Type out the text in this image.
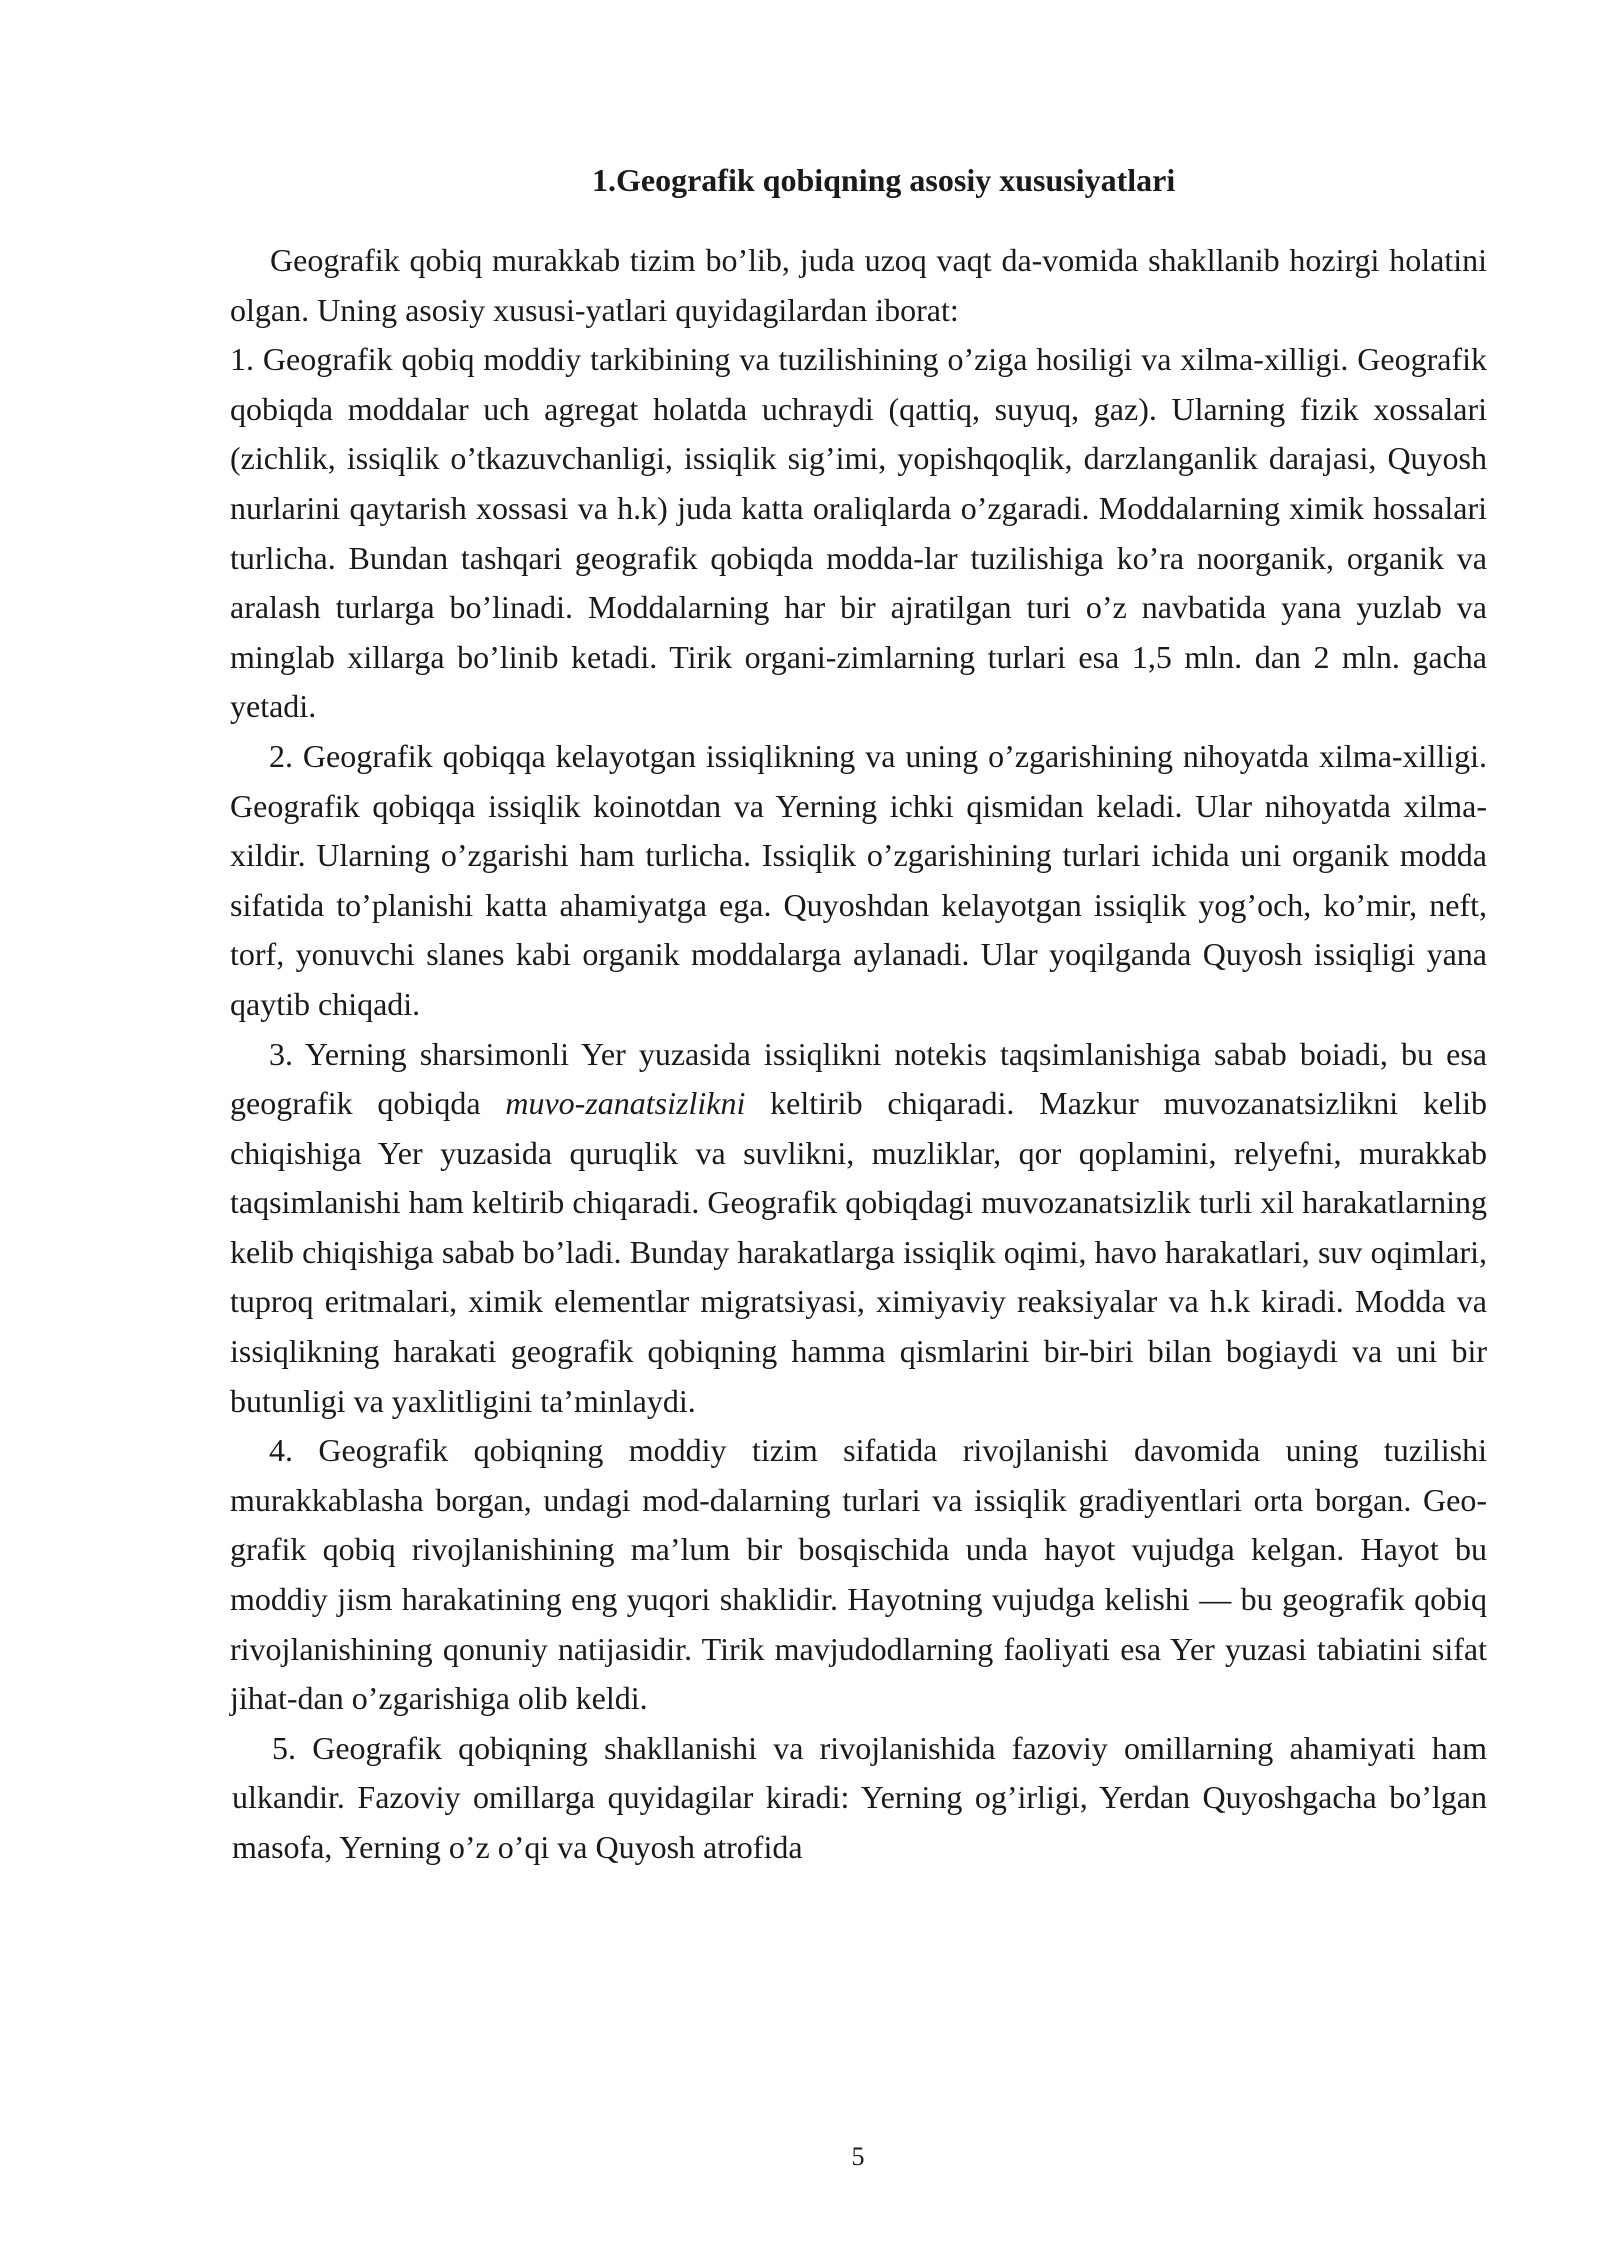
1.Geografik qobiqning asosiy xususiyatlari

Geografik qobiq murakkab tizim bo’lib, juda uzoq vaqt da-vomida shakllanib hozirgi holatini olgan. Uning asosiy xususi-yatlari quyidagilardan iborat:

1. Geografik qobiq moddiy tarkibining va tuzilishining o’ziga hosiligi va xilma-xilligi. Geografik qobiqda moddalar uch agregat holatda uchraydi (qattiq, suyuq, gaz). Ularning fizik xossalari (zichlik, issiqlik o’tkazuvchanligi, issiqlik sig’imi, yopishqoqlik, darzlanganlik darajasi, Quyosh nurlarini qaytarish xossasi va h.k) juda katta oraliqlarda o’zgaradi. Moddalarning ximik hossalari turlicha. Bundan tashqari geografik qobiqda modda-lar tuzilishiga ko’ra noorganik, organik va aralash turlarga bo’linadi. Moddalarning har bir ajratilgan turi o’z navbatida yana yuzlab va minglab xillarga bo’linib ketadi. Tirik organi-zimlarning turlari esa 1,5 mln. dan 2 mln. gacha yetadi.

2. Geografik qobiqqa kelayotgan issiqlikning va uning o’zgarishining nihoyatda xilma-xilligi. Geografik qobiqqa issiqlik koinotdan va Yerning ichki qismidan keladi. Ular nihoyatda xilma-xildir. Ularning o’zgarishi ham turlicha. Issiqlik o’zgarishining turlari ichida uni organik modda sifatida to’planishi katta ahamiyatga ega. Quyoshdan kelayotgan issiqlik yog’och, ko’mir, neft, torf, yonuvchi slanes kabi organik moddalarga aylanadi. Ular yoqilganda Quyosh issiqligi yana qaytib chiqadi.

3. Yerning sharsimonli Yer yuzasida issiqlikni notekis taqsimlanishiga sabab boiadi, bu esa geografik qobiqda muvo-zanatsizlikni keltirib chiqaradi. Mazkur muvozanatsizlikni kelib chiqishiga Yer yuzasida quruqlik va suvlikni, muzliklar, qor qoplamini, relyefni, murakkab taqsimlanishi ham keltirib chiqaradi. Geografik qobiqdagi muvozanatsizlik turli xil harakatlarning kelib chiqishiga sabab bo’ladi. Bunday harakatlarga issiqlik oqimi, havo harakatlari, suv oqimlari, tuproq eritmalari, ximik elementlar migratsiyasi, ximiyaviy reaksiyalar va h.k kiradi. Modda va issiqlikning harakati geografik qobiqning hamma qismlarini bir-biri bilan bogiaydi va uni bir butunligi va yaxlitligini ta’minlaydi.

4. Geografik qobiqning moddiy tizim sifatida rivojlanishi davomida uning tuzilishi murakkablasha borgan, undagi mod-dalarning turlari va issiqlik gradiyentlari orta borgan. Geo-grafik qobiq rivojlanishining ma’lum bir bosqischida unda hayot vujudga kelgan. Hayot bu moddiy jism harakatining eng yuqori shaklidir. Hayotning vujudga kelishi — bu geografik qobiq rivojlanishining qonuniy natijasidir. Tirik mavjudodlarning faoliyati esa Yer yuzasi tabiatini sifat jihat-dan o’zgarishiga olib keldi.

5. Geografik qobiqning shakllanishi va rivojlanishida fazoviy omillarning ahamiyati ham ulkandir. Fazoviy omillarga quyidagilar kiradi: Yerning og’irligi, Yerdan Quyoshgacha bo’lgan masofa, Yerning o’z o’qi va Quyosh atrofida

5
